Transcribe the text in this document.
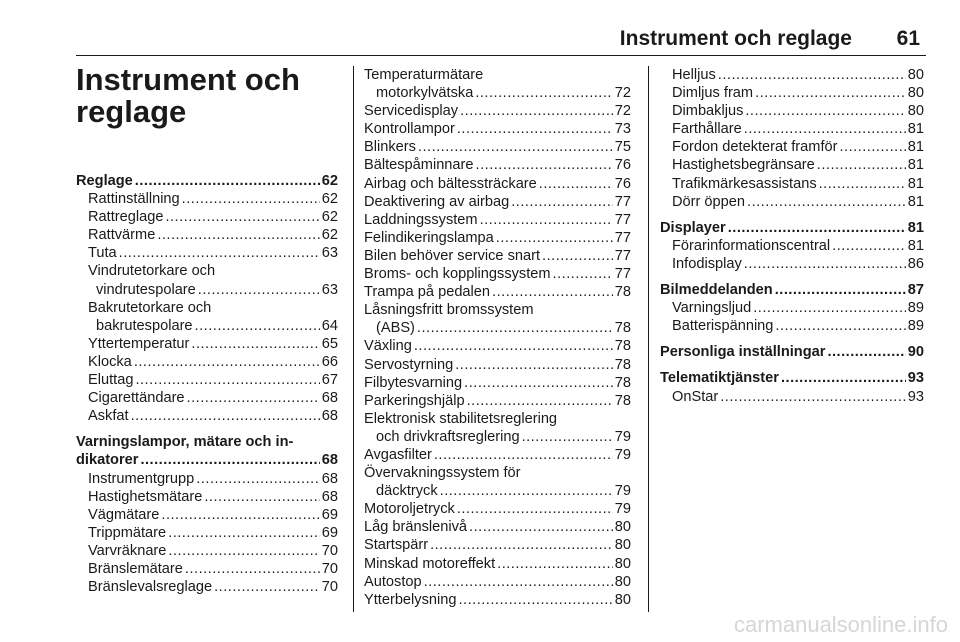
Instrument och reglage 61
Instrument och reglage
Reglage .....	62
Rattinställning .....	62
Rattreglage .....	62
Rattvärme .....	62
Tuta .....	63
Vindrutetorkare och
vindrutespolare .....	63
Bakrutetorkare och
bakrutespolare .....	64
Yttertemperatur .....	65
Klocka .....	66
Eluttag .....	67
Cigarettändare .....	68
Askfat .....	68
Varningslampor, mätare och in-
dikatorer .....	68
Instrumentgrupp .....	68
Hastighetsmätare .....	68
Vägmätare .....	69
Trippmätare .....	69
Varvräknare .....	70
Bränslemätare .....	70
Bränslevalsreglage .....	70
Temperaturmätare
motorkylvätska .....	72
Servicedisplay .....	72
Kontrollampor .....	73
Blinkers .....	75
Bältespåminnare .....	76
Airbag och bältessträckare .....	76
Deaktivering av airbag .....	77
Laddningssystem .....	77
Felindikeringslampa .....	77
Bilen behöver service snart .....	77
Broms- och kopplingssystem .....	77
Trampa på pedalen .....	78
Låsningsfritt bromssystem
(ABS) .....	78
Växling .....	78
Servostyrning .....	78
Filbytesvarning .....	78
Parkeringshjälp .....	78
Elektronisk stabilitetsreglering
och drivkraftsreglering .....	79
Avgasfilter .....	79
Övervakningssystem för
däcktryck .....	79
Motoroljetryck .....	79
Låg bränslenivå .....	80
Startspärr .....	80
Minskad motoreffekt .....	80
Autostop .....	80
Ytterbelysning .....	80
Helljus .....	80
Dimljus fram .....	80
Dimbakljus .....	80
Farthållare .....	81
Fordon detekterat framför .....	81
Hastighetsbegränsare .....	81
Trafikmärkesassistans .....	81
Dörr öppen .....	81
Displayer .....	81
Förarinformationscentral .....	81
Infodisplay .....	86
Bilmeddelanden .....	87
Varningsljud .....	89
Batterispänning .....	89
Personliga inställningar .....	90
Telematiktjänster .....	93
OnStar .....	93
carmanualsonline.info
